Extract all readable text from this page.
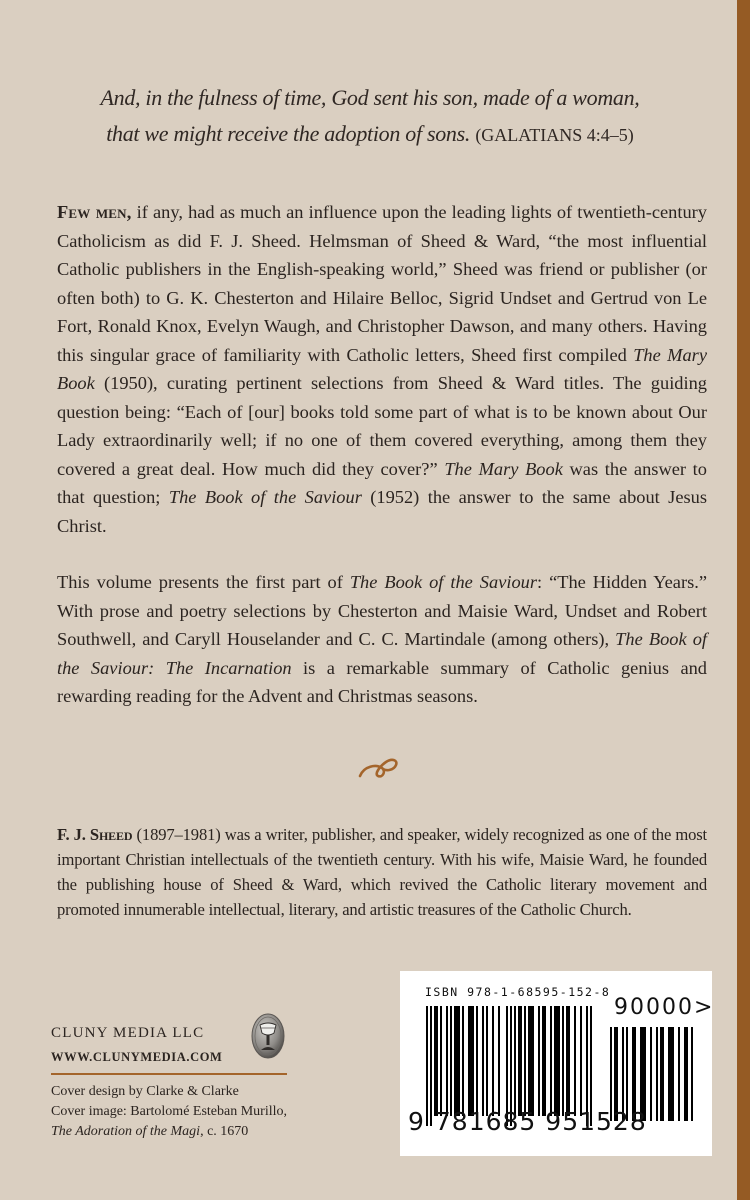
And, in the fulness of time, God sent his son, made of a woman,
that we might receive the adoption of sons. (GALATIANS 4:4–5)

Few men, if any, had as much an influence upon the leading lights of twentieth-century Catholicism as did F. J. Sheed. Helmsman of Sheed & Ward, “the most influential Catholic publishers in the English-speaking world,” Sheed was friend or publisher (or often both) to G. K. Chesterton and Hilaire Belloc, Sigrid Undset and Gertrud von Le Fort, Ronald Knox, Evelyn Waugh, and Christopher Dawson, and many others. Having this singular grace of familiarity with Catholic letters, Sheed first compiled The Mary Book (1950), curating pertinent selections from Sheed & Ward titles. The guiding question being: “Each of [our] books told some part of what is to be known about Our Lady extraordinarily well; if no one of them covered everything, among them they covered a great deal. How much did they cover?” The Mary Book was the answer to that question; The Book of the Saviour (1952) the answer to the same about Jesus Christ.

This volume presents the first part of The Book of the Saviour: “The Hidden Years.” With prose and poetry selections by Chesterton and Maisie Ward, Undset and Robert Southwell, and Caryll Houselander and C. C. Martindale (among others), The Book of the Saviour: The Incarnation is a remarkable summary of Catholic genius and rewarding reading for the Advent and Christmas seasons.

F. J. Sheed (1897–1981) was a writer, publisher, and speaker, widely recognized as one of the most important Christian intellectuals of the twentieth century. With his wife, Maisie Ward, he founded the publishing house of Sheed & Ward, which revived the Catholic literary movement and promoted innumerable intellectual, literary, and artistic treasures of the Catholic Church.
CLUNY MEDIA LLC
WWW.CLUNYMEDIA.COM
Cover design by Clarke & Clarke
Cover image: Bartolomé Esteban Murillo,
The Adoration of the Magi, c. 1670
ISBN 978-1-68595-152-8
90000>
9 781685 951528
